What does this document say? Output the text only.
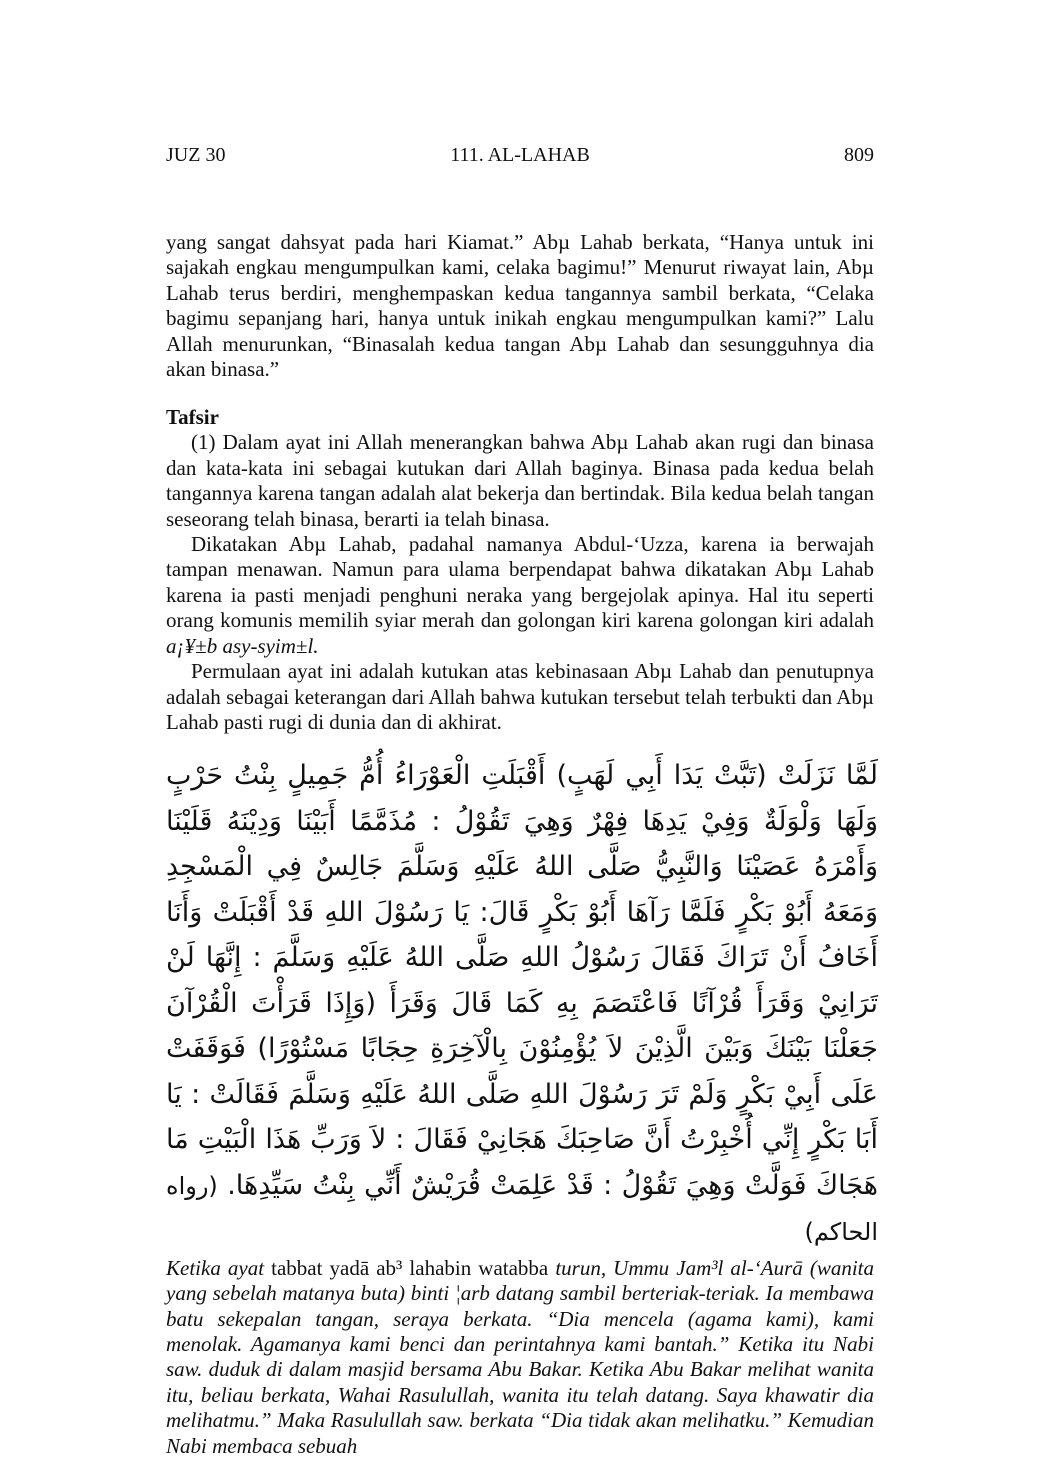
JUZ 30	111. AL-LAHAB	809

yang sangat dahsyat pada hari Kiamat.” Abµ Lahab berkata, “Hanya untuk ini sajakah engkau mengumpulkan kami, celaka bagimu!” Menurut riwayat lain, Abµ Lahab terus berdiri, menghempaskan kedua tangannya sambil berkata, “Celaka bagimu sepanjang hari, hanya untuk inikah engkau mengumpulkan kami?” Lalu Allah menurunkan, “Binasalah kedua tangan Abµ Lahab dan sesungguhnya dia akan binasa.”

Tafsir

(1) Dalam ayat ini Allah menerangkan bahwa Abµ Lahab akan rugi dan binasa dan kata-kata ini sebagai kutukan dari Allah baginya. Binasa pada kedua belah tangannya karena tangan adalah alat bekerja dan bertindak. Bila kedua belah tangan seseorang telah binasa, berarti ia telah binasa.

Dikatakan Abµ Lahab, padahal namanya Abdul-‘Uzza, karena ia berwajah tampan menawan. Namun para ulama berpendapat bahwa dikatakan Abµ Lahab karena ia pasti menjadi penghuni neraka yang bergejolak apinya. Hal itu seperti orang komunis memilih syiar merah dan golongan kiri karena golongan kiri adalah a¡¥±b asy-syim±l.

Permulaan ayat ini adalah kutukan atas kebinasaan Abµ Lahab dan penutupnya adalah sebagai keterangan dari Allah bahwa kutukan tersebut telah terbukti dan Abµ Lahab pasti rugi di dunia dan di akhirat.

لَمَّا نَزَلَتْ (تَبَّتْ يَدَا أَبِي لَهَبٍ) أَقْبَلَتِ الْعَوْرَاءُ أُمُّ جَمِيلٍ بِنْتُ حَرْبٍ وَلَهَا وَلْوَلَةٌ وَفِيْ يَدِهَا فِهْرٌ وَهِيَ تَقُوْلُ : مُذَمَّمًا أَبَيْنَا وَدِيْنَهُ قَلَيْنَا وَأَمْرَهُ عَصَيْنَا وَالنَّبِيُّ صَلَّى اللهُ عَلَيْهِ وَسَلَّمَ جَالِسٌ فِي الْمَسْجِدِ وَمَعَهُ أَبُوْ بَكْرٍ فَلَمَّا رَآهَا أَبُوْ بَكْرٍ قَالَ: يَا رَسُوْلَ اللهِ قَدْ أَقْبَلَتْ وَأَنَا أَخَافُ أَنْ تَرَاكَ فَقَالَ رَسُوْلُ اللهِ صَلَّى اللهُ عَلَيْهِ وَسَلَّمَ : إِنَّهَا لَنْ تَرَانِيْ وَقَرَأَ قُرْآنًا فَاعْتَصَمَ بِهِ كَمَا قَالَ وَقَرَأَ (وَإِذَا قَرَأْتَ الْقُرْآنَ جَعَلْنَا بَيْنَكَ وَبَيْنَ الَّذِيْنَ لاَ يُؤْمِنُوْنَ بِالْآخِرَةِ حِجَابًا مَسْتُوْرًا) فَوَقَفَتْ عَلَى أَبِيْ بَكْرٍ وَلَمْ تَرَ رَسُوْلَ اللهِ صَلَّى اللهُ عَلَيْهِ وَسَلَّمَ فَقَالَتْ : يَا أَبَا بَكْرٍ إِنِّي أُخْبِرْتُ أَنَّ صَاحِبَكَ هَجَانِيْ فَقَالَ : لاَ وَرَبِّ هَذَا الْبَيْتِ مَا هَجَاكَ فَوَلَّتْ وَهِيَ تَقُوْلُ : قَدْ عَلِمَتْ قُرَيْشٌ أَنِّي بِنْتُ سَيِّدِهَا. (رواه الحاكم)

Ketika ayat tabbat yadā ab³ lahabin watabba turun, Ummu Jam³l al-‘Aurā (wanita yang sebelah matanya buta) binti ¦arb datang sambil berteriak-teriak. Ia membawa batu sekepalan tangan, seraya berkata. “Dia mencela (agama kami), kami menolak. Agamanya kami benci dan perintahnya kami bantah.” Ketika itu Nabi saw. duduk di dalam masjid bersama Abu Bakar. Ketika Abu Bakar melihat wanita itu, beliau berkata, Wahai Rasulullah, wanita itu telah datang. Saya khawatir dia melihatmu.” Maka Rasulullah saw. berkata “Dia tidak akan melihatku.” Kemudian Nabi membaca sebuah
